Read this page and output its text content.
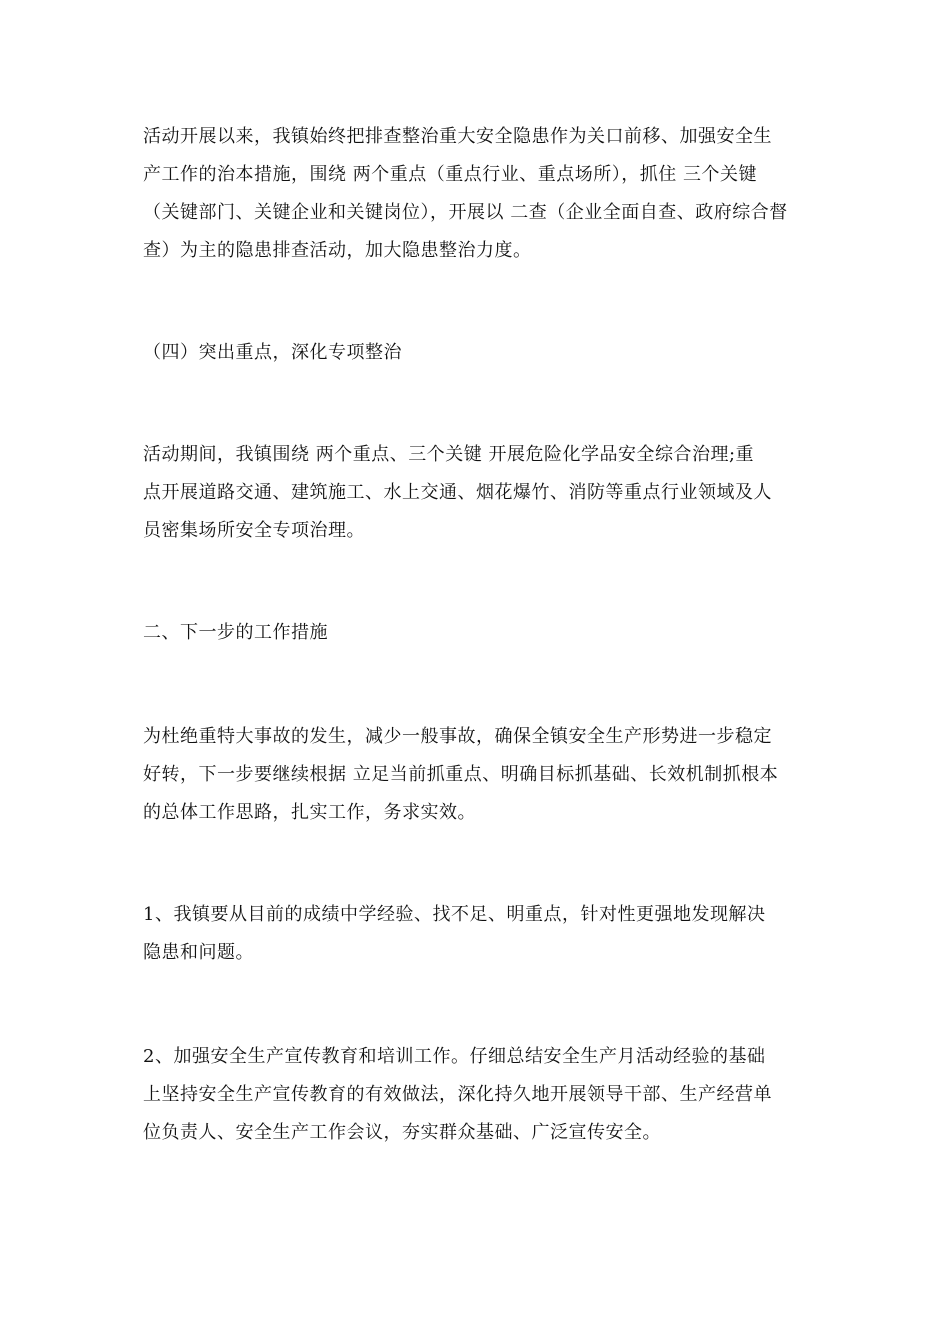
活动开展以来，我镇始终把排查整治重大安全隐患作为关口前移、加强安全生
产工作的治本措施，围绕 两个重点（重点行业、重点场所），抓住 三个关键
（关键部门、关键企业和关键岗位），开展以 二查（企业全面自查、政府综合督
查）为主的隐患排查活动，加大隐患整治力度。
（四）突出重点，深化专项整治
活动期间，我镇围绕 两个重点、三个关键 开展危险化学品安全综合治理;重
点开展道路交通、建筑施工、水上交通、烟花爆竹、消防等重点行业领域及人
员密集场所安全专项治理。
二、下一步的工作措施
为杜绝重特大事故的发生，减少一般事故，确保全镇安全生产形势进一步稳定
好转，下一步要继续根据 立足当前抓重点、明确目标抓基础、长效机制抓根本
的总体工作思路，扎实工作，务求实效。
1、我镇要从目前的成绩中学经验、找不足、明重点，针对性更强地发现解决
隐患和问题。
2、加强安全生产宣传教育和培训工作。仔细总结安全生产月活动经验的基础
上坚持安全生产宣传教育的有效做法，深化持久地开展领导干部、生产经营单
位负责人、安全生产工作会议，夯实群众基础、广泛宣传安全。
